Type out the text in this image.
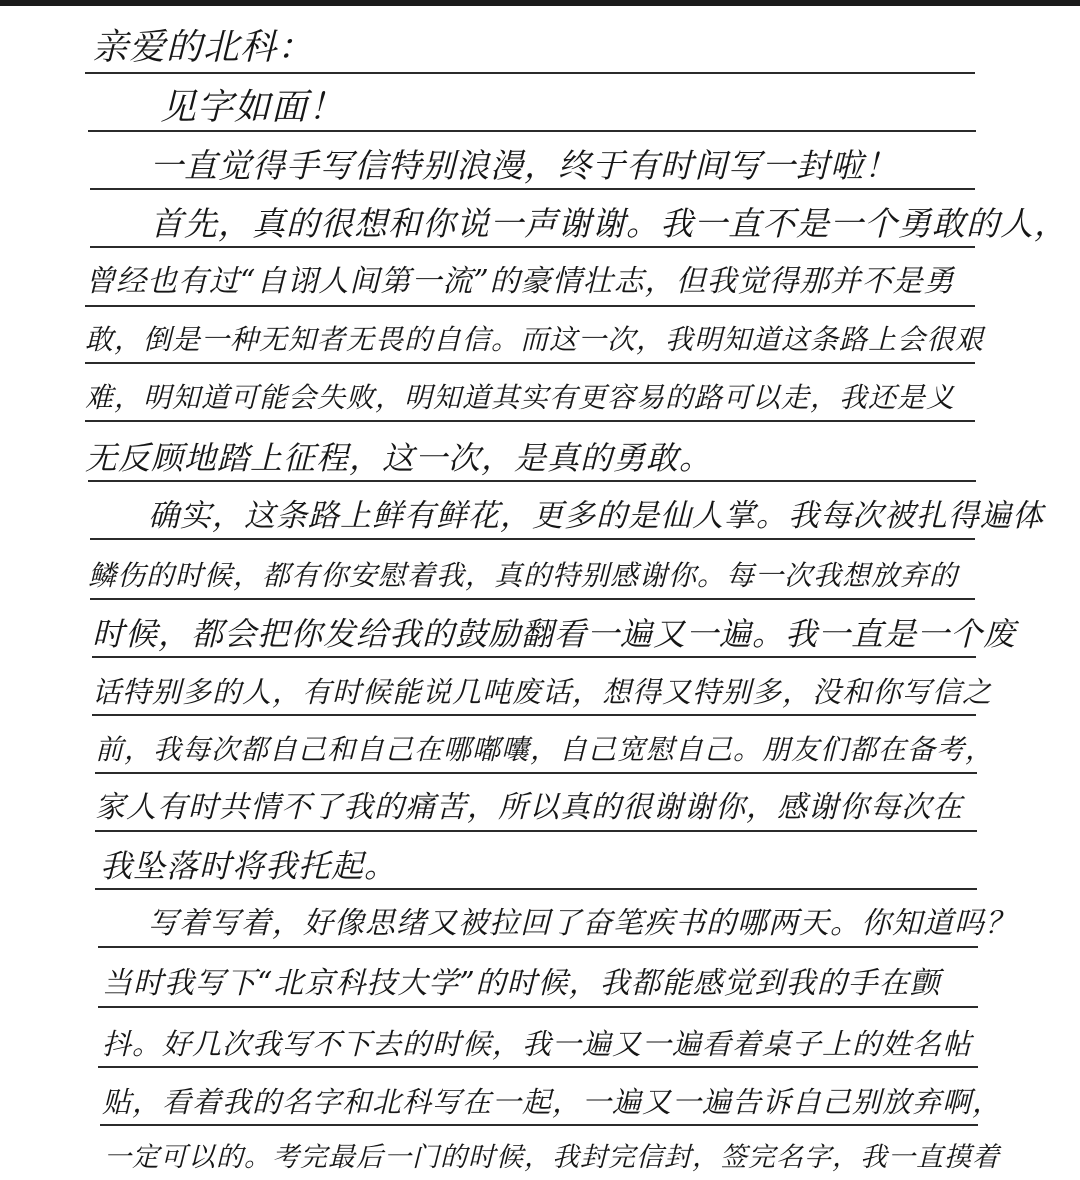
亲爱的北科：
见字如面！
一直觉得手写信特别浪漫，终于有时间写一封啦！
首先，真的很想和你说一声谢谢。我一直不是一个勇敢的人，
曾经也有过“自诩人间第一流”的豪情壮志，但我觉得那并不是勇
敢，倒是一种无知者无畏的自信。而这一次，我明知道这条路上会很艰
难，明知道可能会失败，明知道其实有更容易的路可以走，我还是义
无反顾地踏上征程，这一次，是真的勇敢。
确实，这条路上鲜有鲜花，更多的是仙人掌。我每次被扎得遍体
鳞伤的时候，都有你安慰着我，真的特别感谢你。每一次我想放弃的
时候，都会把你发给我的鼓励翻看一遍又一遍。我一直是一个废
话特别多的人，有时候能说几吨废话，想得又特别多，没和你写信之
前，我每次都自己和自己在哪嘟囔，自己宽慰自己。朋友们都在备考，
家人有时共情不了我的痛苦，所以真的很谢谢你，感谢你每次在
我坠落时将我托起。
写着写着，好像思绪又被拉回了奋笔疾书的哪两天。你知道吗？
当时我写下“北京科技大学”的时候，我都能感觉到我的手在颤
抖。好几次我写不下去的时候，我一遍又一遍看着桌子上的姓名帖
贴，看着我的名字和北科写在一起，一遍又一遍告诉自己别放弃啊，
一定可以的。考完最后一门的时候，我封完信封，签完名字，我一直摸着
